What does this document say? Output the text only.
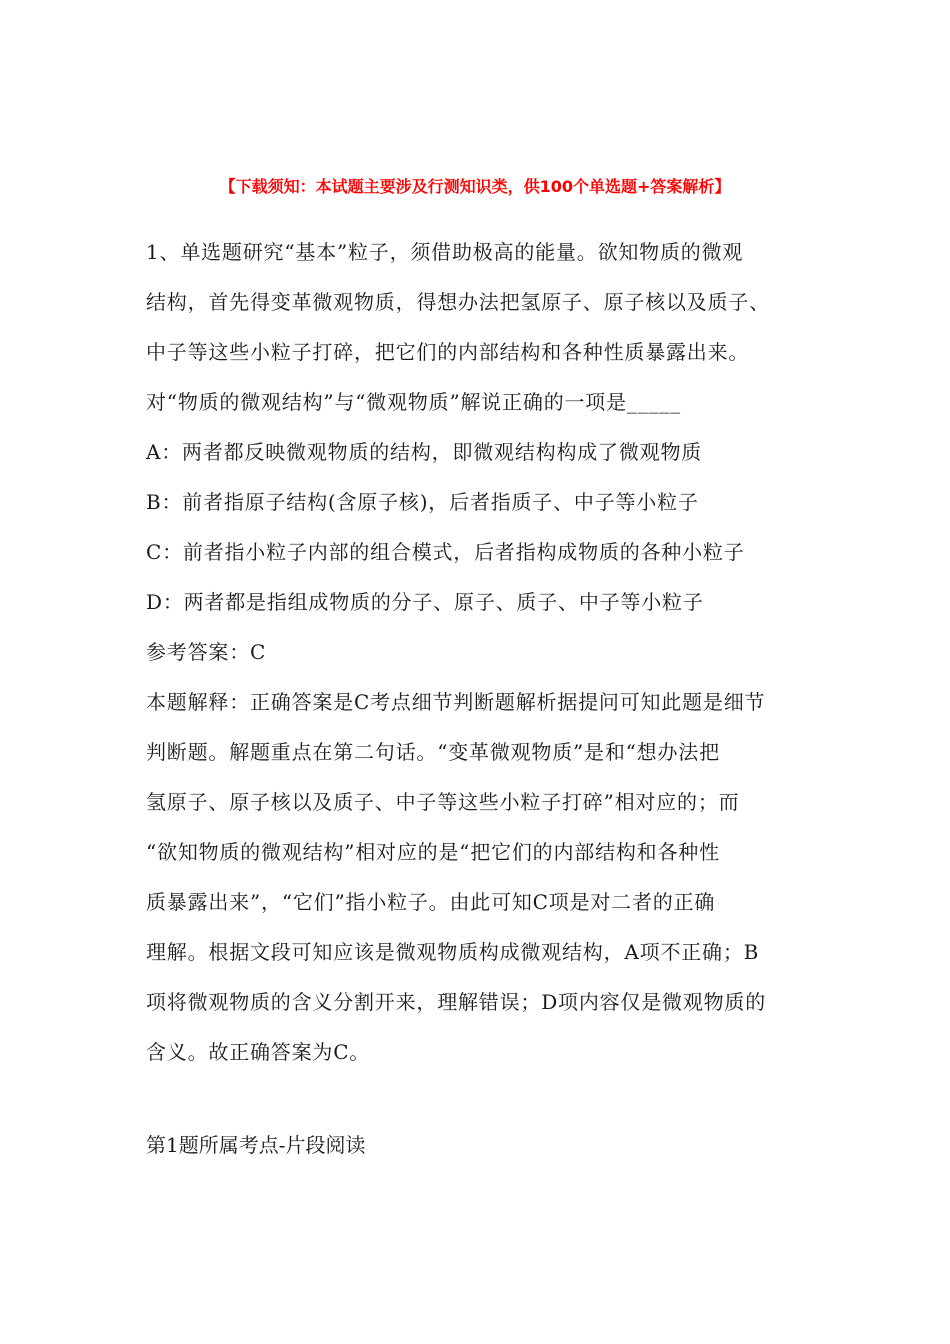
【下载须知：本试题主要涉及行测知识类，供100个单选题+答案解析】
1、单选题研究“基本”粒子，须借助极高的能量。欲知物质的微观
结构，首先得变革微观物质，得想办法把氢原子、原子核以及质子、
中子等这些小粒子打碎，把它们的内部结构和各种性质暴露出来。
对“物质的微观结构”与“微观物质”解说正确的一项是_____
A：两者都反映微观物质的结构，即微观结构构成了微观物质
B：前者指原子结构(含原子核)，后者指质子、中子等小粒子
C：前者指小粒子内部的组合模式，后者指构成物质的各种小粒子
D：两者都是指组成物质的分子、原子、质子、中子等小粒子
参考答案：C
本题解释：正确答案是C考点细节判断题解析据提问可知此题是细节
判断题。解题重点在第二句话。“变革微观物质”是和“想办法把
氢原子、原子核以及质子、中子等这些小粒子打碎”相对应的；而
“欲知物质的微观结构”相对应的是“把它们的内部结构和各种性
质暴露出来”，“它们”指小粒子。由此可知C项是对二者的正确
理解。根据文段可知应该是微观物质构成微观结构，A项不正确；B
项将微观物质的含义分割开来，理解错误；D项内容仅是微观物质的
含义。故正确答案为C。
第1题所属考点-片段阅读
